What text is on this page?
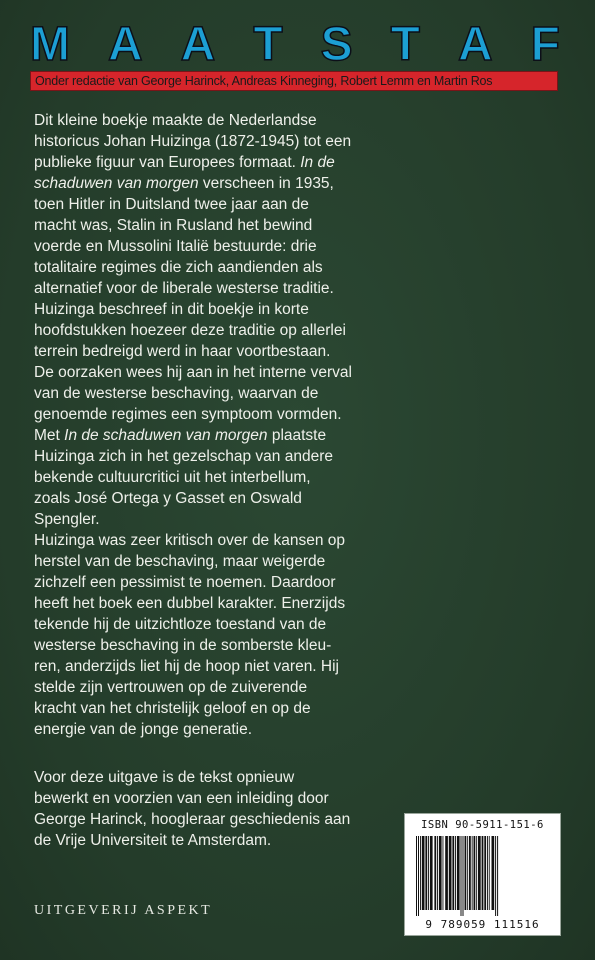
M A A T S T A F
Onder redactie van George Harinck, Andreas Kinneging, Robert Lemm en Martin Ros
Dit kleine boekje maakte de Nederlandse
historicus Johan Huizinga (1872-1945) tot een
publieke figuur van Europees formaat. In de
schaduwen van morgen verscheen in 1935,
toen Hitler in Duitsland twee jaar aan de
macht was, Stalin in Rusland het bewind
voerde en Mussolini Italië bestuurde: drie
totalitaire regimes die zich aandienden als
alternatief voor de liberale westerse traditie.
Huizinga beschreef in dit boekje in korte
hoofdstukken hoezeer deze traditie op allerlei
terrein bedreigd werd in haar voortbestaan.
De oorzaken wees hij aan in het interne verval
van de westerse beschaving, waarvan de
genoemde regimes een symptoom vormden.
Met In de schaduwen van morgen plaatste
Huizinga zich in het gezelschap van andere
bekende cultuurcritici uit het interbellum,
zoals José Ortega y Gasset en Oswald
Spengler.
Huizinga was zeer kritisch over de kansen op
herstel van de beschaving, maar weigerde
zichzelf een pessimist te noemen. Daardoor
heeft het boek een dubbel karakter. Enerzijds
tekende hij de uitzichtloze toestand van de
westerse beschaving in de somberste kleu-
ren, anderzijds liet hij de hoop niet varen. Hij
stelde zijn vertrouwen op de zuiverende
kracht van het christelijk geloof en op de
energie van de jonge generatie.
Voor deze uitgave is de tekst opnieuw
bewerkt en voorzien van een inleiding door
George Harinck, hoogleraar geschiedenis aan
de Vrije Universiteit te Amsterdam.
UITGEVERIJ ASPEKT
ISBN 90-5911-151-6
9 789059 111516
